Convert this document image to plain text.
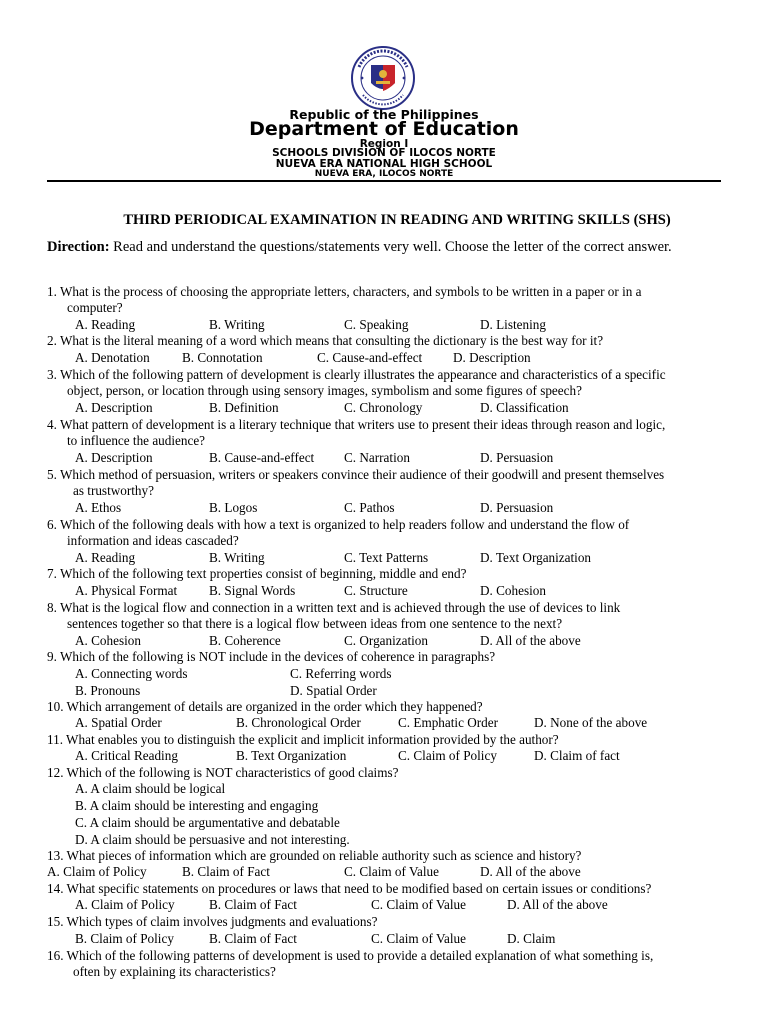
Republic of the Philippines
Department of Education
Region I
SCHOOLS DIVISION OF ILOCOS NORTE
NUEVA ERA NATIONAL HIGH SCHOOL
NUEVA ERA, ILOCOS NORTE
THIRD PERIODICAL EXAMINATION IN READING AND WRITING SKILLS (SHS)
Direction: Read and understand the questions/statements very well. Choose the letter of the correct answer.
1. What is the process of choosing the appropriate letters, characters, and symbols to be written in a paper or in a
computer?
A. Reading	B. Writing	C. Speaking	D. Listening
2. What is the literal meaning of a word which means that consulting the dictionary is the best way for it?
A. Denotation B. Connotation	C. Cause-and-effect D. Description
3. Which of the following pattern of development is clearly illustrates the appearance and characteristics of a specific
object, person, or location through using sensory images, symbolism and some figures of speech?
A. Description	B. Definition	C. Chronology	D. Classification
4. What pattern of development is a literary technique that writers use to present their ideas through reason and logic,
to influence the audience?
A. Description	B. Cause-and-effect C. Narration	D. Persuasion
5. Which method of persuasion, writers or speakers convince their audience of their goodwill and present themselves
as trustworthy?
A. Ethos	B. Logos	C. Pathos	D. Persuasion
6. Which of the following deals with how a text is organized to help readers follow and understand the flow of
information and ideas cascaded?
A. Reading	B. Writing	C. Text Patterns	D. Text Organization
7. Which of the following text properties consist of beginning, middle and end?
A. Physical Format B. Signal Words	C. Structure	D. Cohesion
8. What is the logical flow and connection in a written text and is achieved through the use of devices to link
sentences together so that there is a logical flow between ideas from one sentence to the next?
A. Cohesion	B. Coherence	C. Organization	D. All of the above
9. Which of the following is NOT include in the devices of coherence in paragraphs?
A. Connecting words	C. Referring words
B. Pronouns	D. Spatial Order
10. Which arrangement of details are organized in the order which they happened?
A. Spatial Order	B. Chronological Order	C. Emphatic Order	D. None of the above
11. What enables you to distinguish the explicit and implicit information provided by the author?
A. Critical Reading	B. Text Organization	C. Claim of Policy	D. Claim of fact
12. Which of the following is NOT characteristics of good claims?
A. A claim should be logical
B. A claim should be interesting and engaging
C. A claim should be argumentative and debatable
D. A claim should be persuasive and not interesting.
13. What pieces of information which are grounded on reliable authority such as science and history?
A. Claim of Policy	B. Claim of Fact	C. Claim of Value	D. All of the above
14. What specific statements on procedures or laws that need to be modified based on certain issues or conditions?
A. Claim of Policy	B. Claim of Fact	C. Claim of Value	D. All of the above
15. Which types of claim involves judgments and evaluations?
B. Claim of Policy	B. Claim of Fact	C. Claim of Value	D. Claim
16. Which of the following patterns of development is used to provide a detailed explanation of what something is,
often by explaining its characteristics?
